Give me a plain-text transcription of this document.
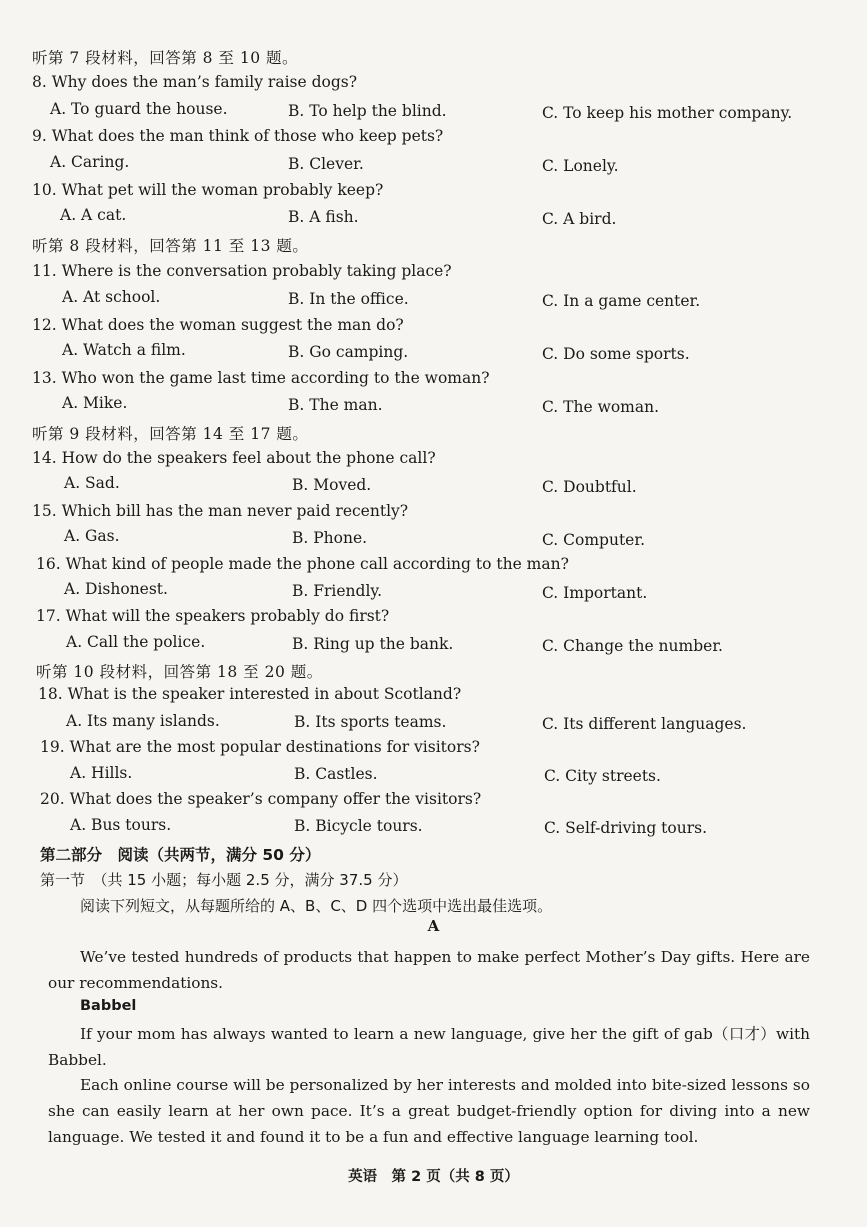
听第 7 段材料，回答第 8 至 10 题。
8. Why does the man’s family raise dogs?
A. To guard the house.	B. To help the blind.	C. To keep his mother company.
9. What does the man think of those who keep pets?
A. Caring.	B. Clever.	C. Lonely.
10. What pet will the woman probably keep?
A. A cat.	B. A fish.	C. A bird.
听第 8 段材料，回答第 11 至 13 题。
11. Where is the conversation probably taking place?
A. At school.	B. In the office.	C. In a game center.
12. What does the woman suggest the man do?
A. Watch a film.	B. Go camping.	C. Do some sports.
13. Who won the game last time according to the woman?
A. Mike.	B. The man.	C. The woman.
听第 9 段材料，回答第 14 至 17 题。
14. How do the speakers feel about the phone call?
A. Sad.	B. Moved.	C. Doubtful.
15. Which bill has the man never paid recently?
A. Gas.	B. Phone.	C. Computer.
16. What kind of people made the phone call according to the man?
A. Dishonest.	B. Friendly.	C. Important.
17. What will the speakers probably do first?
A. Call the police.	B. Ring up the bank.	C. Change the number.
听第 10 段材料，回答第 18 至 20 题。
18. What is the speaker interested in about Scotland?
A. Its many islands.	B. Its sports teams.	C. Its different languages.
19. What are the most popular destinations for visitors?
A. Hills.	B. Castles.	C. City streets.
20. What does the speaker’s company offer the visitors?
A. Bus tours.	B. Bicycle tours.	C. Self-driving tours.
第二部分　阅读（共两节，满分 50 分）
第一节　（共 15 小题；每小题 2.5 分，满分 37.5 分）
阅读下列短文，从每题所给的 A、B、C、D 四个选项中选出最佳选项。
A
We’ve tested hundreds of products that happen to make perfect Mother’s Day gifts. Here are our recommendations.
Babbel
If your mom has always wanted to learn a new language, give her the gift of gab（口才）with Babbel.
Each online course will be personalized by her interests and molded into bite-sized lessons so she can easily learn at her own pace. It’s a great budget-friendly option for diving into a new language. We tested it and found it to be a fun and effective language learning tool.
英语　第 2 页（共 8 页）
